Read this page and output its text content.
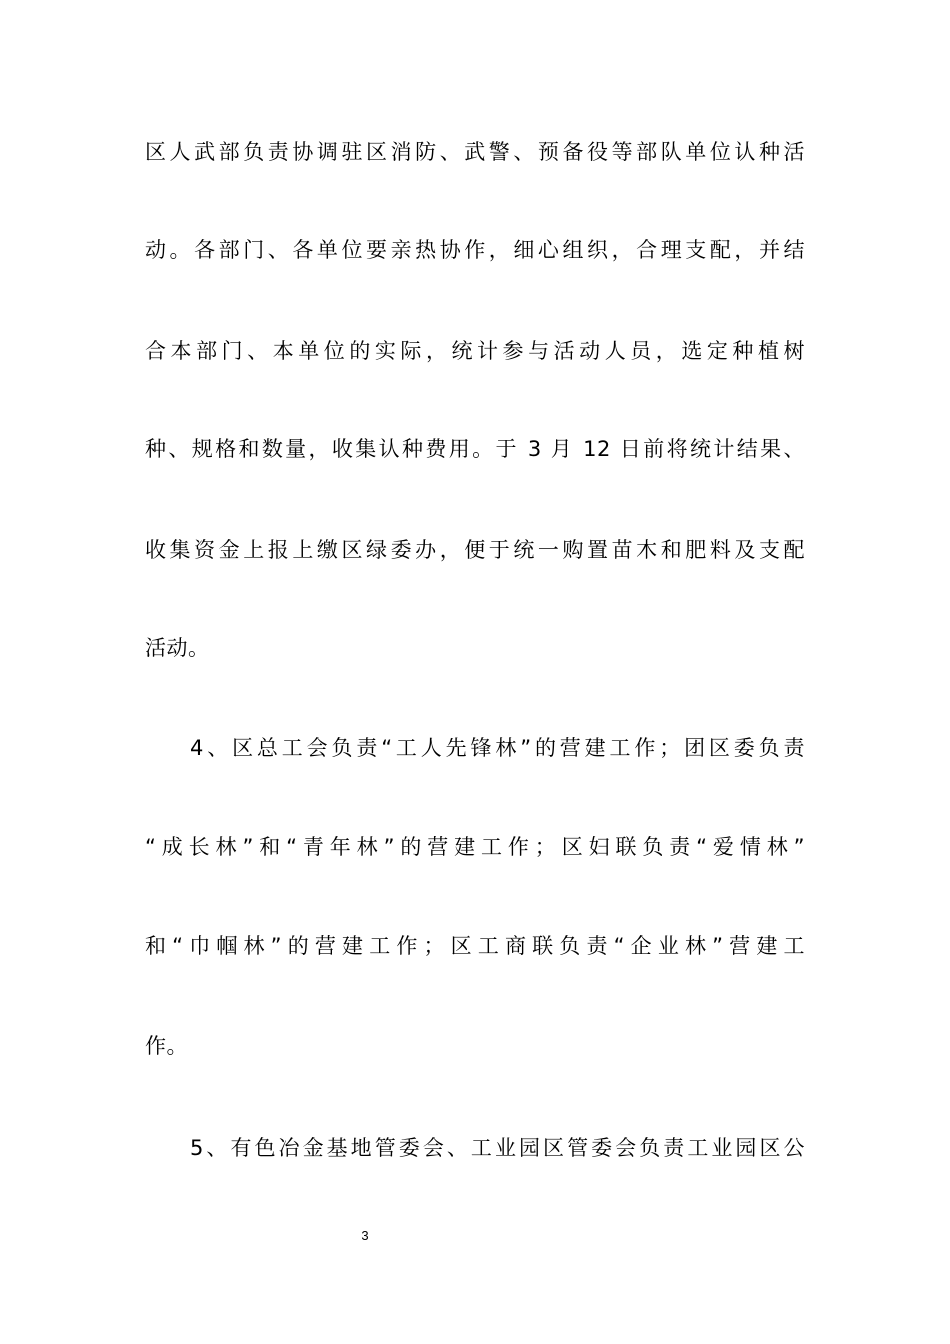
区人武部负责协调驻区消防、武警、预备役等部队单位认种活
动。各部门、各单位要亲热协作，细心组织，合理支配，并结
合本部门、本单位的实际，统计参与活动人员，选定种植树
种、规格和数量，收集认种费用。于 3 月 12 日前将统计结果、
收集资金上报上缴区绿委办，便于统一购置苗木和肥料及支配
活动。
4、区总工会负责“工人先锋林”的营建工作；团区委负责
“成长林”和“青年林”的营建工作；区妇联负责“爱情林”
和“巾帼林”的营建工作；区工商联负责“企业林”营建工
作。
5、有色冶金基地管委会、工业园区管委会负责工业园区公
3
